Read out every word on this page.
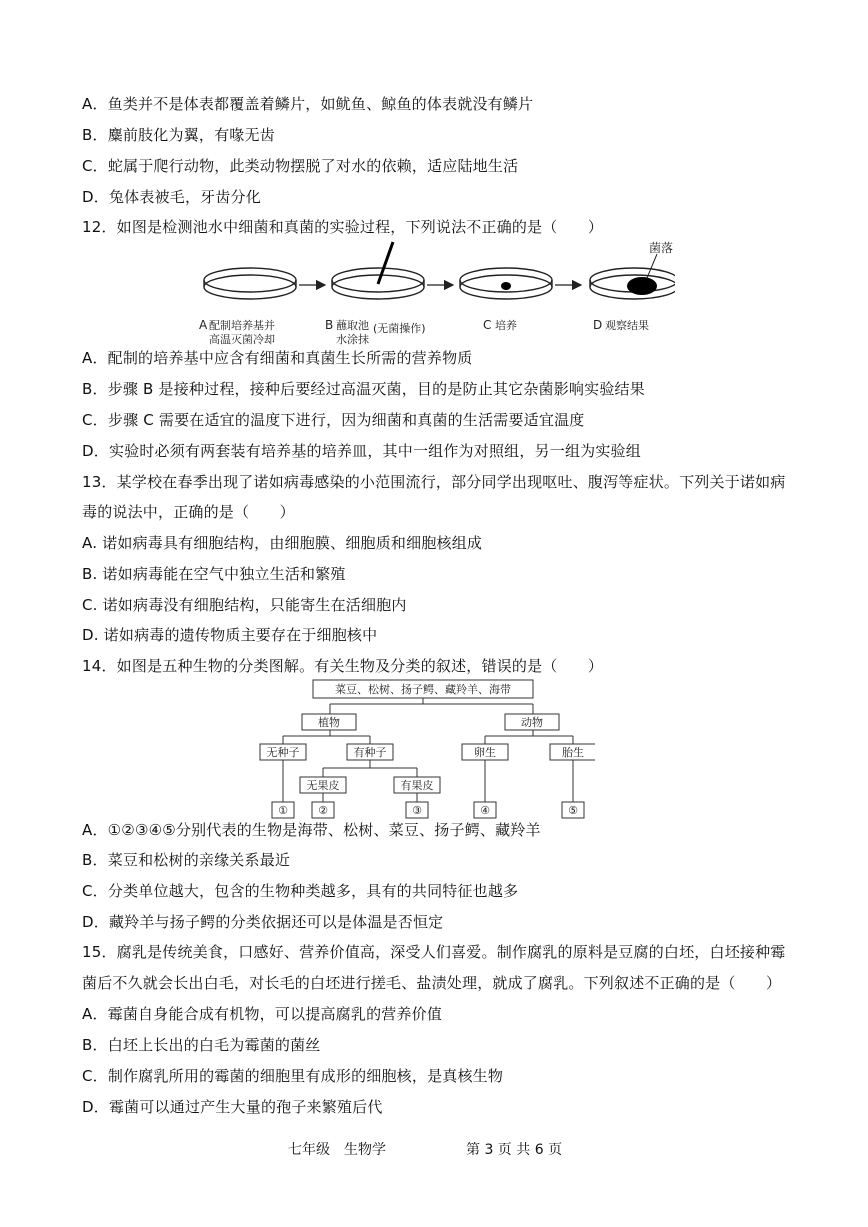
A．鱼类并不是体表都覆盖着鳞片，如鱿鱼、鲸鱼的体表就没有鳞片
B．麋前肢化为翼，有喙无齿
C．蛇属于爬行动物，此类动物摆脱了对水的依赖，适应陆地生活
D．兔体表被毛，牙齿分化
12．如图是检测池水中细菌和真菌的实验过程，下列说法不正确的是（　　）
菌落
A 配制培养基并
高温灭菌冷却
B 蘸取池
水涂抹
(无菌操作)	C 培养	D 观察结果
A．配制的培养基中应含有细菌和真菌生长所需的营养物质
B．步骤 B 是接种过程，接种后要经过高温灭菌，目的是防止其它杂菌影响实验结果
C．步骤 C 需要在适宜的温度下进行，因为细菌和真菌的生活需要适宜温度
D．实验时必须有两套装有培养基的培养皿，其中一组作为对照组，另一组为实验组
13．某学校在春季出现了诺如病毒感染的小范围流行，部分同学出现呕吐、腹泻等症状。下列关于诺如病
毒的说法中，正确的是（　　）
A. 诺如病毒具有细胞结构，由细胞膜、细胞质和细胞核组成
B. 诺如病毒能在空气中独立生活和繁殖
C. 诺如病毒没有细胞结构，只能寄生在活细胞内
D. 诺如病毒的遗传物质主要存在于细胞核中
14．如图是五种生物的分类图解。有关生物及分类的叙述，错误的是（　　）
菜豆、松树、扬子鳄、藏羚羊、海带
植物	动物
无种子	有种子	卵生	胎生
无果皮	有果皮
①	②	③	④	⑤
A．①②③④⑤分别代表的生物是海带、松树、菜豆、扬子鳄、藏羚羊
B．菜豆和松树的亲缘关系最近
C．分类单位越大，包含的生物种类越多，具有的共同特征也越多
D．藏羚羊与扬子鳄的分类依据还可以是体温是否恒定
15．腐乳是传统美食，口感好、营养价值高，深受人们喜爱。制作腐乳的原料是豆腐的白坯，白坯接种霉
菌后不久就会长出白毛，对长毛的白坯进行搓毛、盐渍处理，就成了腐乳。下列叙述不正确的是（　　）
A．霉菌自身能合成有机物，可以提高腐乳的营养价值
B．白坯上长出的白毛为霉菌的菌丝
C．制作腐乳所用的霉菌的细胞里有成形的细胞核，是真核生物
D．霉菌可以通过产生大量的孢子来繁殖后代
七年级　生物学	第 3 页 共 6 页
